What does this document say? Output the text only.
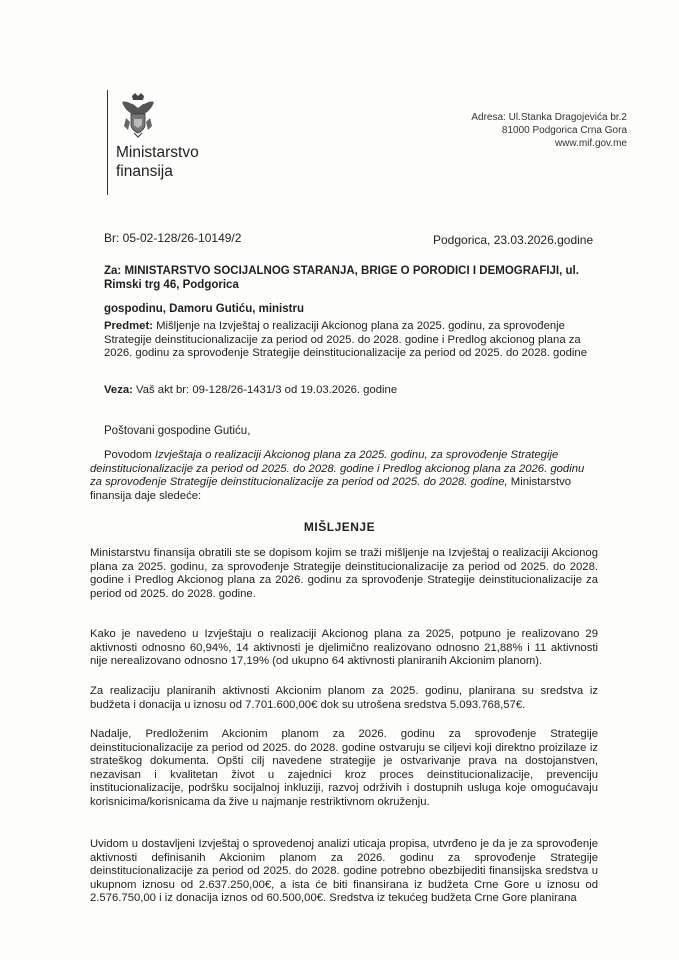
Ministarstvo
finansija
Adresa: Ul.Stanka Dragojevića br.2
81000 Podgorica Crna Gora
www.mif.gov.me
Br: 05-02-128/26-10149/2	Podgorica, 23.03.2026.godine
Za: MINISTARSTVO SOCIJALNOG STARANJA, BRIGE O PORODICI I DEMOGRAFIJI, ul. Rimski trg 46, Podgorica
gospodinu, Damoru Gutiću, ministru
Predmet: Mišljenje na Izvještaj o realizaciji Akcionog plana za 2025. godinu, za sprovođenje Strategije deinstitucionalizacije za period od 2025. do 2028. godine i Predlog akcionog plana za 2026. godinu za sprovođenje Strategije deinstitucionalizacije za period od 2025. do 2028. godine
Veza: Vaš akt br: 09-128/26-1431/3 od 19.03.2026. godine
Poštovani gospodine Gutiću,
Povodom Izvještaja o realizaciji Akcionog plana za 2025. godinu, za sprovođenje Strategije deinstitucionalizacije za period od 2025. do 2028. godine i Predlog akcionog plana za 2026. godinu za sprovođenje Strategije deinstitucionalizacije za period od 2025. do 2028. godine, Ministarstvo finansija daje sledeće:
MIŠLJENJE
Ministarstvu finansija obratili ste se dopisom kojim se traži mišljenje na Izvještaj o realizaciji Akcionog plana za 2025. godinu, za sprovođenje Strategije deinstitucionalizacije za period od 2025. do 2028. godine i Predlog Akcionog plana za 2026. godinu za sprovođenje Strategije deinstitucionalizacije za period od 2025. do 2028. godine.
Kako je navedeno u Izvještaju o realizaciji Akcionog plana za 2025, potpuno je realizovano 29 aktivnosti odnosno 60,94%, 14 aktivnosti je djelimično realizovano odnosno 21,88% i 11 aktivnosti nije nerealizovano odnosno 17,19% (od ukupno 64 aktivnosti planiranih Akcionim planom).
Za realizaciju planiranih aktivnosti Akcionim planom za 2025. godinu, planirana su sredstva iz budžeta i donacija u iznosu od 7.701.600,00€ dok su utrošena sredstva 5.093.768,57€.
Nadalje, Predloženim Akcionim planom za 2026. godinu za sprovođenje Strategije deinstitucionalizacije za period od 2025. do 2028. godine ostvaruju se ciljevi koji direktno proizilaze iz strateškog dokumenta. Opšti cilj navedene strategije je ostvarivanje prava na dostojanstven, nezavisan i kvalitetan život u zajednici kroz proces deinstitucionalizacije, prevenciju institucionalizacije, podršku socijalnoj inkluziji, razvoj održivih i dostupnih usluga koje omogućavaju korisnicima/korisnicama da žive u najmanje restriktivnom okruženju.
Uvidom u dostavljeni Izvještaj o sprovedenoj analizi uticaja propisa, utvrđeno je da je za sprovođenje aktivnosti definisanih Akcionim planom za 2026. godinu za sprovođenje Strategije deinstitucionalizacije za period od 2025. do 2028. godine potrebno obezbijediti finansijska sredstva u ukupnom iznosu od 2.637.250,00€, a ista će biti finansirana iz budžeta Crne Gore u iznosu od 2.576.750,00 i iz donacija iznos od 60.500,00€. Sredstva iz tekućeg budžeta Crne Gore planirana
